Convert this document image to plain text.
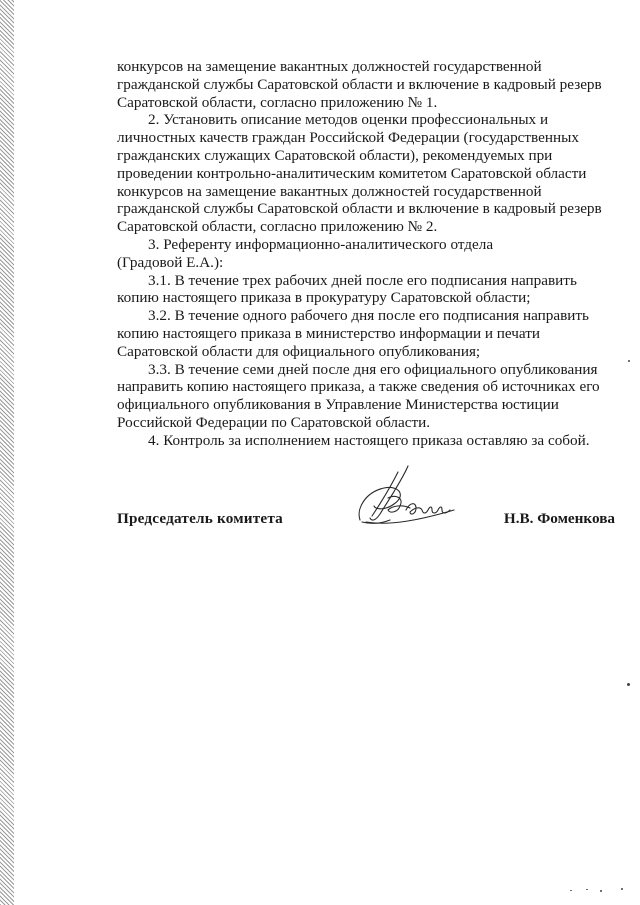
конкурсов на замещение вакантных должностей государственной
гражданской службы Саратовской области и включение в кадровый резерв
Саратовской области, согласно приложению № 1.

2. Установить описание методов оценки профессиональных и
личностных качеств граждан Российской Федерации (государственных
гражданских служащих Саратовской области), рекомендуемых при
проведении контрольно-аналитическим комитетом Саратовской области
конкурсов на замещение вакантных должностей государственной
гражданской службы Саратовской области и включение в кадровый резерв
Саратовской области, согласно приложению № 2.

3. Референту информационно-аналитического отдела
(Градовой Е.А.):

3.1. В течение трех рабочих дней после его подписания направить
копию настоящего приказа в прокуратуру Саратовской области;

3.2. В течение одного рабочего дня после его подписания направить
копию настоящего приказа в министерство информации и печати
Саратовской области для официального опубликования;

3.3. В течение семи дней после дня его официального опубликования
направить копию настоящего приказа, а также сведения об источниках его
официального опубликования в Управление Министерства юстиции
Российской Федерации по Саратовской области.

4. Контроль за исполнением настоящего приказа оставляю за собой.

Председатель комитета	Н.В. Фоменкова
